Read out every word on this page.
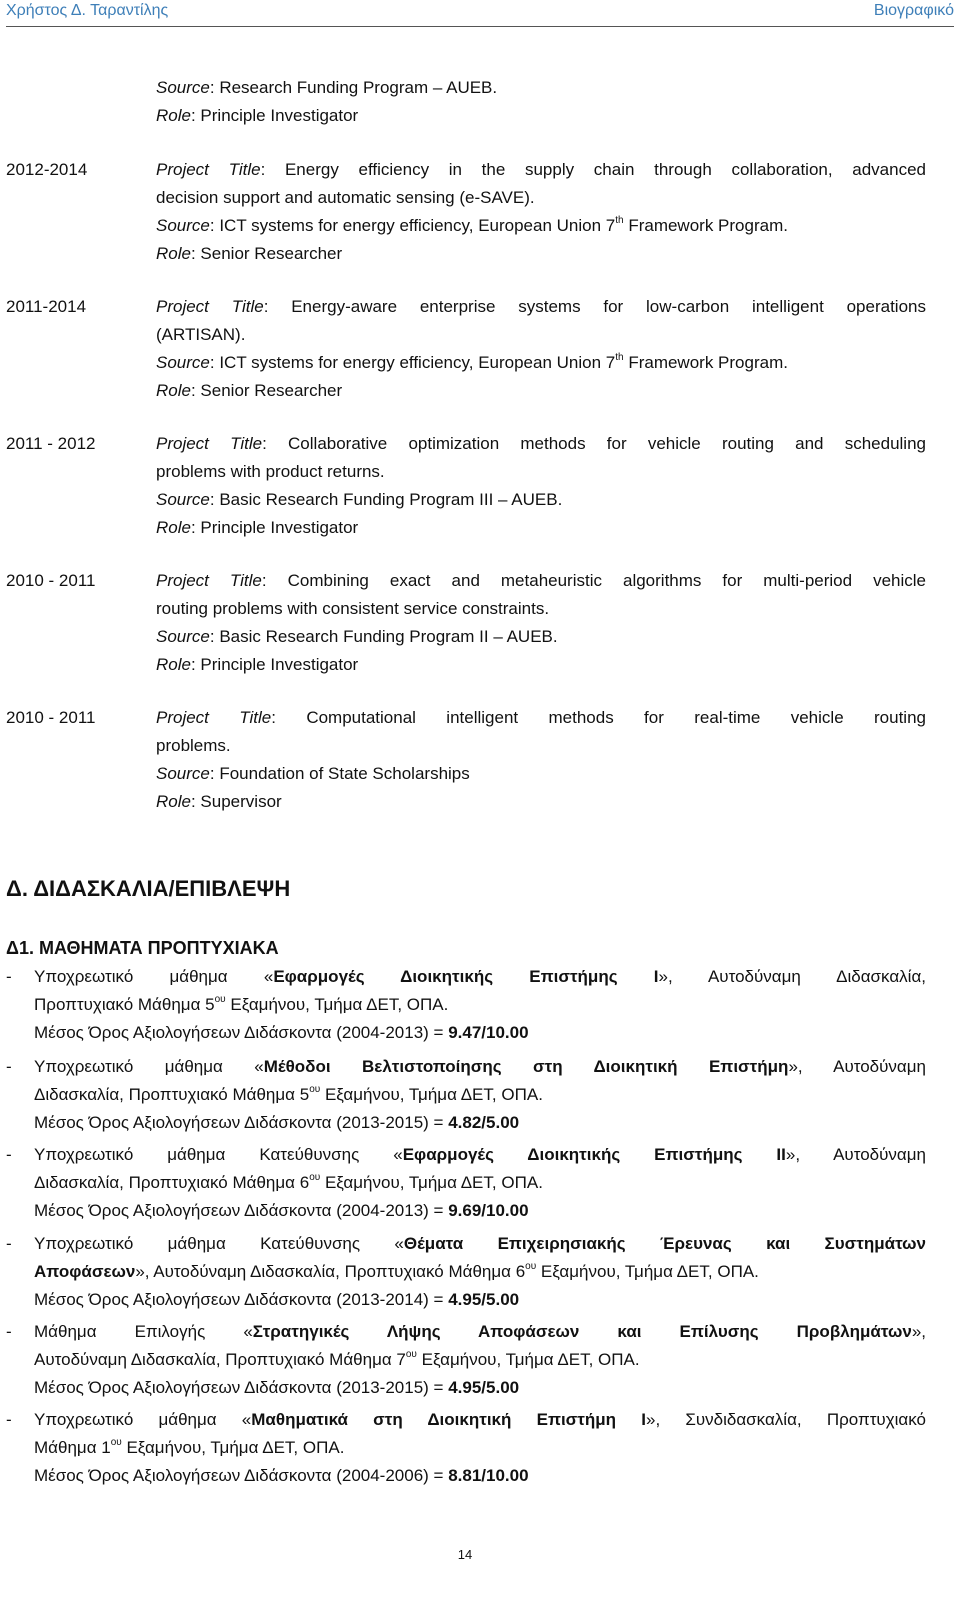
Χρήστος Δ. Ταραντίλης	Βιογραφικό
Source: Research Funding Program – AUEB.
Role: Principle Investigator
2012-2014	Project Title: Energy efficiency in the supply chain through collaboration, advanced
decision support and automatic sensing (e-SAVE).
Source: ICT systems for energy efficiency, European Union 7th Framework Program.
Role: Senior Researcher
2011-2014	Project Title: Energy-aware enterprise systems for low-carbon intelligent operations
(ARTISAN).
Source: ICT systems for energy efficiency, European Union 7th Framework Program.
Role: Senior Researcher
2011 - 2012	Project Title: Collaborative optimization methods for vehicle routing and scheduling
problems with product returns.
Source: Basic Research Funding Program III – AUEB.
Role: Principle Investigator
2010 - 2011	Project Title: Combining exact and metaheuristic algorithms for multi-period vehicle
routing problems with consistent service constraints.
Source: Basic Research Funding Program II – AUEB.
Role: Principle Investigator
2010 - 2011	Project Title: Computational intelligent methods for real-time vehicle routing
problems.
Source: Foundation of State Scholarships
Role: Supervisor
Δ. ΔΙΔΑΣΚΑΛΙΑ/ΕΠΙΒΛΕΨΗ
Δ1. ΜΑΘΗΜΑΤΑ ΠΡΟΠΤΥΧΙΑΚΑ
- Υποχρεωτικό μάθημα «Εφαρμογές Διοικητικής Επιστήμης Ι», Αυτοδύναμη Διδασκαλία,
Προπτυχιακό Μάθημα $5^{o\upsilon}$ Εξαμήνου, Τμήμα ΔΕΤ, ΟΠΑ.
Μέσος Όρος Αξιολογήσεων Διδάσκοντα (2004-2013) = 9.47/10.00
- Υποχρεωτικό μάθημα «Μέθοδοι Βελτιστοποίησης στη Διοικητική Επιστήμη», Αυτοδύναμη
Διδασκαλία, Προπτυχιακό Μάθημα $5^{o\upsilon}$ Εξαμήνου, Τμήμα ΔΕΤ, ΟΠΑ.
Μέσος Όρος Αξιολογήσεων Διδάσκοντα (2013-2015) = 4.82/5.00
- Υποχρεωτικό μάθημα Κατεύθυνσης «Εφαρμογές Διοικητικής Επιστήμης ΙΙ», Αυτοδύναμη
Διδασκαλία, Προπτυχιακό Μάθημα $6^{o\upsilon}$ Εξαμήνου, Τμήμα ΔΕΤ, ΟΠΑ.
Μέσος Όρος Αξιολογήσεων Διδάσκοντα (2004-2013) = 9.69/10.00
- Υποχρεωτικό μάθημα Κατεύθυνσης «Θέματα Επιχειρησιακής Έρευνας και Συστημάτων
Αποφάσεων», Αυτοδύναμη Διδασκαλία, Προπτυχιακό Μάθημα $6^{o\upsilon}$ Εξαμήνου, Τμήμα ΔΕΤ, ΟΠΑ.
Μέσος Όρος Αξιολογήσεων Διδάσκοντα (2013-2014) = 4.95/5.00
- Μάθημα Επιλογής «Στρατηγικές Λήψης Αποφάσεων και Επίλυσης Προβλημάτων»,
Αυτοδύναμη Διδασκαλία, Προπτυχιακό Μάθημα $7^{o\upsilon}$ Εξαμήνου, Τμήμα ΔΕΤ, ΟΠΑ.
Μέσος Όρος Αξιολογήσεων Διδάσκοντα (2013-2015) = 4.95/5.00
- Υποχρεωτικό μάθημα «Μαθηματικά στη Διοικητική Επιστήμη Ι», Συνδιδασκαλία, Προπτυχιακό
Μάθημα $1^{o\upsilon}$ Εξαμήνου, Τμήμα ΔΕΤ, ΟΠΑ.
Μέσος Όρος Αξιολογήσεων Διδάσκοντα (2004-2006) = 8.81/10.00
14
